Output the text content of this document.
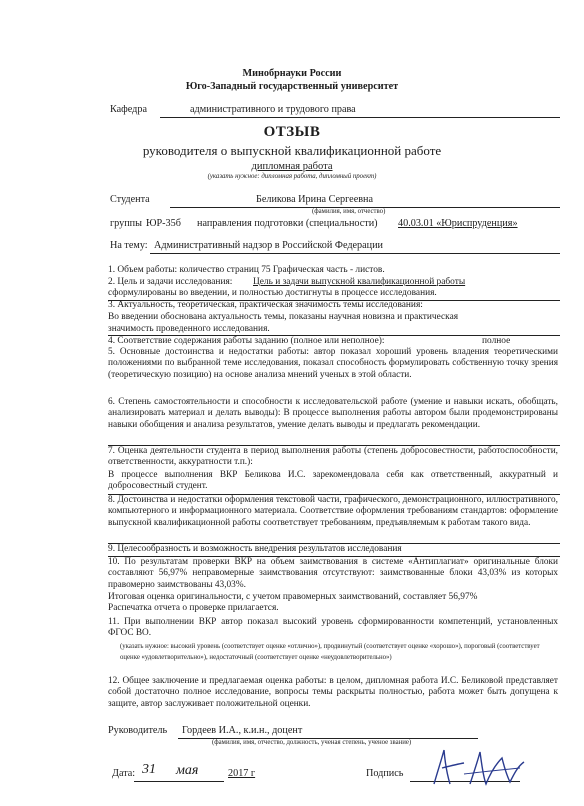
Минобрнауки России
Юго-Западный государственный университет
Кафедра	административного и трудового права
ОТЗЫВ
руководителя о выпускной квалификационной работе
дипломная работа
(указать нужное: дипломная работа, дипломный проект)
Студента	Беликова Ирина Сергеевна
(фамилия, имя, отчество)
группы ЮР-35б направления подготовки (специальности) 40.03.01 «Юриспруденция»
На тему: Административный надзор в Российской Федерации
1. Объем работы: количество страниц 75 Графическая часть - листов.
2. Цель и задачи исследования: Цель и задачи выпускной квалификационной работы
сформулированы во введении, и полностью достигнуты в процессе исследования.
3. Актуальность, теоретическая, практическая значимость темы исследования:
Во введении обоснована актуальность темы, показаны научная новизна и практическая
значимость проведенного исследования.
4. Соответствие содержания работы заданию (полное или неполное):	полное

5. Основные достоинства и недостатки работы: автор показал хороший уровень владения теоретическими положениями по выбранной теме исследования, показал способность формулировать собственную точку зрения (теоретическую позицию) на основе анализа мнений ученых в этой области.

6. Степень самостоятельности и способности к исследовательской работе (умение и навыки искать, обобщать, анализировать материал и делать выводы): В процессе выполнения работы автором были продемонстрированы навыки обобщения и анализа результатов, умение делать выводы и предлагать рекомендации.

7. Оценка деятельности студента в период выполнения работы (степень добросовестности, работоспособности, ответственности, аккуратности т.п.):

В процессе выполнения ВКР Беликова И.С. зарекомендовала себя как ответственный, аккуратный и добросовестный студент.

8. Достоинства и недостатки оформления текстовой части, графического, демонстрационного, иллюстративного, компьютерного и информационного материала. Соответствие оформления требованиям стандартов: оформление выпускной квалификационной работы соответствует требованиям, предъявляемым к работам такого вида.

9. Целесообразность и возможность внедрения результатов исследования

10. По результатам проверки ВКР на объем заимствования в системе «Антиплагиат» оригинальные блоки составляют 56,97% неправомерные заимствования отсутствуют: заимствованные блоки 43,03% из которых правомерно заимствованы 43,03%.

Итоговая оценка оригинальности, с учетом правомерных заимствований, составляет 56,97%
Распечатка отчета о проверке прилагается.

11. При выполнении ВКР автор показал высокий уровень сформированности компетенций, установленных ФГОС ВО.

(указать нужное: высокий уровень (соответствует оценке «отлично»), продвинутый (соответствует оценке «хорошо»), пороговый (соответствует оценке «удовлетворительно»), недостаточный (соответствует оценке «неудовлетворительно»)

12. Общее заключение и предлагаемая оценка работы: в целом, дипломная работа И.С. Беликовой представляет собой достаточно полное исследование, вопросы темы раскрыты полностью, работа может быть допущена к защите, автор заслуживает положительной оценки.

Руководитель Гордеев И.А., к.и.н., доцент
(фамилия, имя, отчество, должность, ученая степень, ученое звание)
Дата: 31 мая	2017 г	Подпись
